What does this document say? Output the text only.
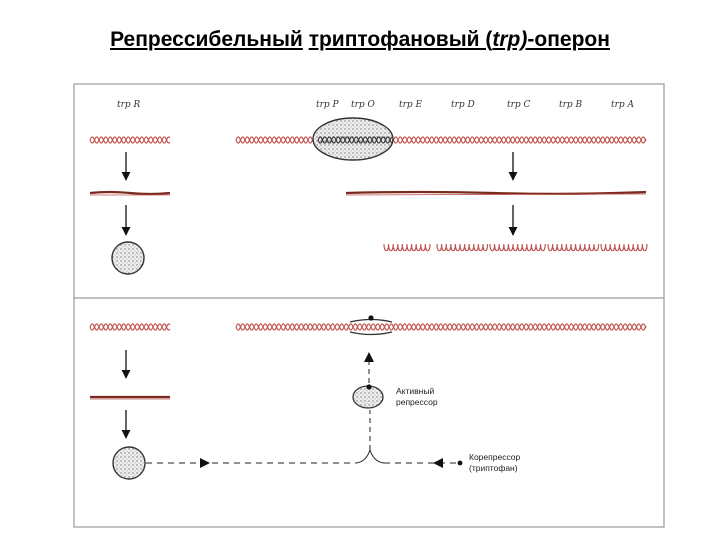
Репрессибельный триптофановый (trp)-оперон
trp R	trp P trp O	trp E	trp D	trp C	trp B	trp A
Активный
репрессор
Корепрессор
(триптофан)
